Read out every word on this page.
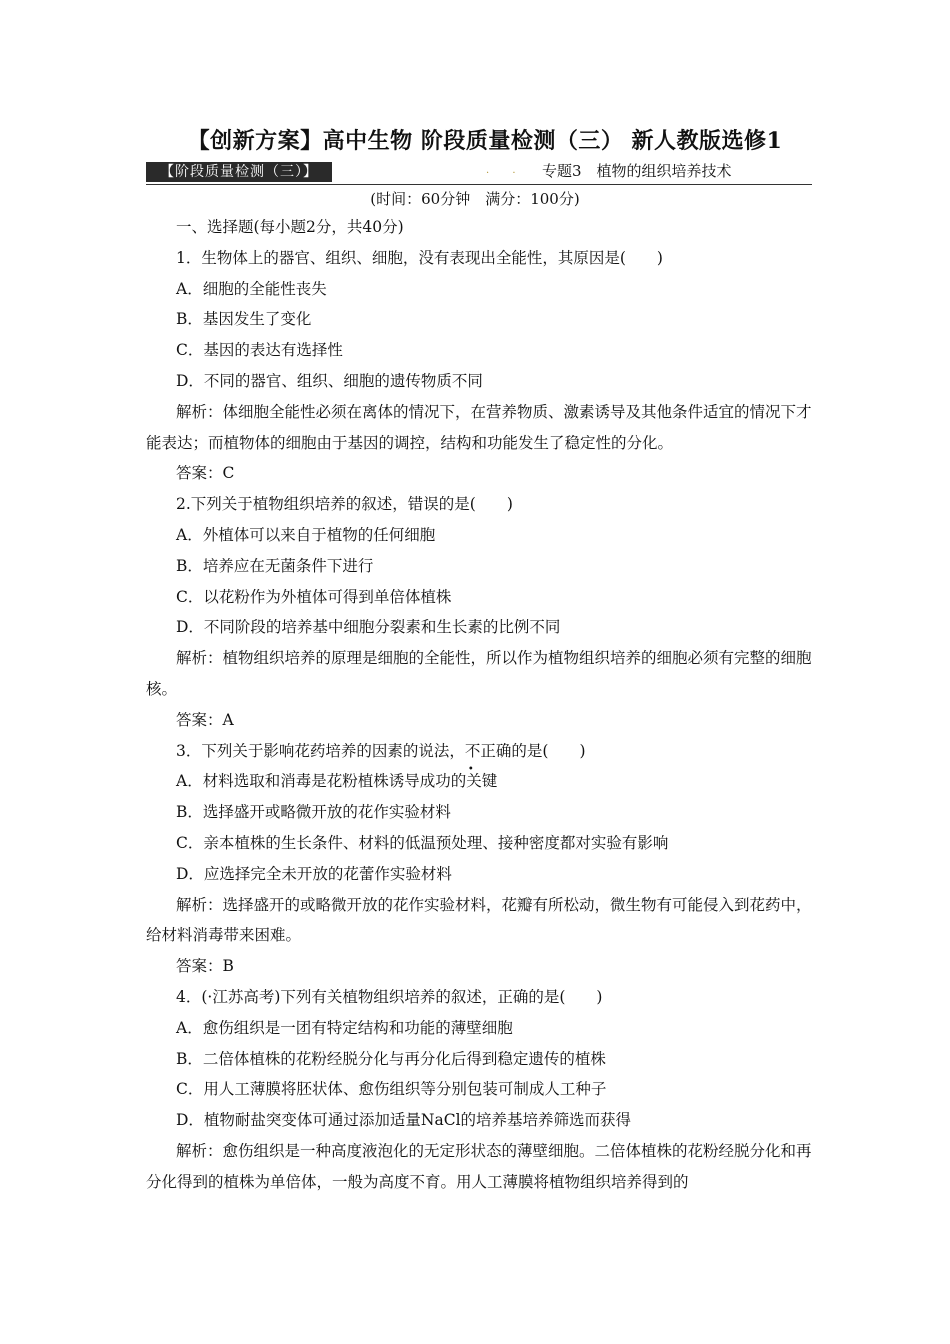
【创新方案】高中生物 阶段质量检测（三） 新人教版选修1
【阶段质量检测（三）】	· · 专题3　植物的组织培养技术
(时间：60分钟　满分：100分)
一、选择题(每小题2分，共40分)
1．生物体上的器官、组织、细胞，没有表现出全能性，其原因是(　　)
A．细胞的全能性丧失
B．基因发生了变化
C．基因的表达有选择性
D．不同的器官、组织、细胞的遗传物质不同
解析：体细胞全能性必须在离体的情况下，在营养物质、激素诱导及其他条件适宜的情况下才能表达；而植物体的细胞由于基因的调控，结构和功能发生了稳定性的分化。
答案：C
2.下列关于植物组织培养的叙述，错误的是(　　)
A．外植体可以来自于植物的任何细胞
B．培养应在无菌条件下进行
C．以花粉作为外植体可得到单倍体植株
D．不同阶段的培养基中细胞分裂素和生长素的比例不同
解析：植物组织培养的原理是细胞的全能性，所以作为植物组织培养的细胞必须有完整的细胞核。
答案：A
3．下列关于影响花药培养的因素的说法，不正确的是(　　)
A．材料选取和消毒是花粉植株诱导成功的关键
B．选择盛开或略微开放的花作实验材料
C．亲本植株的生长条件、材料的低温预处理、接种密度都对实验有影响
D．应选择完全未开放的花蕾作实验材料
解析：选择盛开的或略微开放的花作实验材料，花瓣有所松动，微生物有可能侵入到花药中，给材料消毒带来困难。
答案：B
4．(·江苏高考)下列有关植物组织培养的叙述，正确的是(　　)
A．愈伤组织是一团有特定结构和功能的薄壁细胞
B．二倍体植株的花粉经脱分化与再分化后得到稳定遗传的植株
C．用人工薄膜将胚状体、愈伤组织等分别包装可制成人工种子
D．植物耐盐突变体可通过添加适量NaCl的培养基培养筛选而获得
解析：愈伤组织是一种高度液泡化的无定形状态的薄壁细胞。二倍体植株的花粉经脱分化和再分化得到的植株为单倍体，一般为高度不育。用人工薄膜将植物组织培养得到的
